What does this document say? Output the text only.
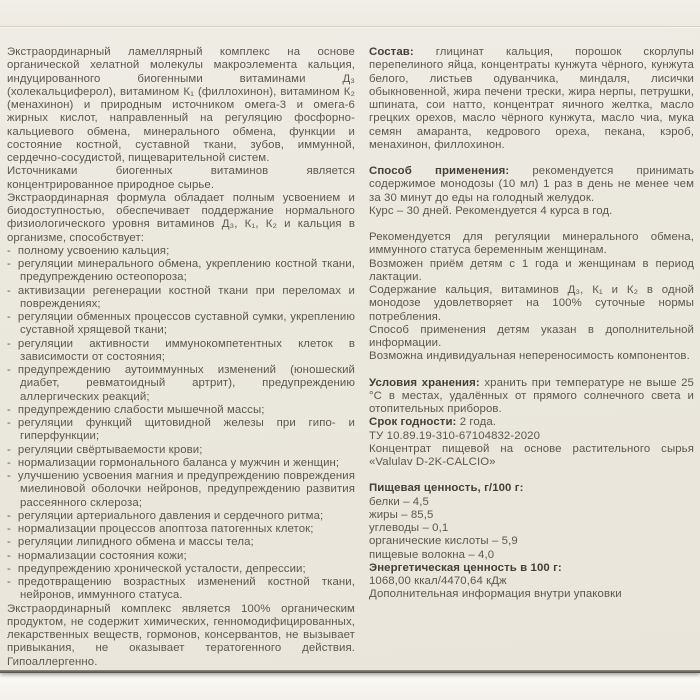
Экстраординарный ламеллярный комплекс на основе органической хелатной молекулы макроэлемента кальция, индуцированного биогенными витаминами Д₃ (холекальциферол), витамином К₁ (филлохинон), витамином К₂ (менахинон) и природным источником омега-3 и омега-6 жирных кислот, направленный на регуляцию фосфорно-кальциевого обмена, минерального обмена, функции и состояние костной, суставной ткани, зубов, иммунной, сердечно-сосудистой, пищеварительной систем.

Источниками биогенных витаминов является концентрированное природное сырье.

Экстраординарная формула обладает полным усвоением и биодоступностью, обеспечивает поддержание нормального физиологического уровня витаминов Д₃, К₁, К₂ и кальция в организме, способствует:

- полному усвоению кальция;
- регуляции минерального обмена, укреплению костной ткани, предупреждению остеопороза;
- активизации регенерации костной ткани при переломах и повреждениях;
- регуляции обменных процессов суставной сумки, укреплению суставной хрящевой ткани;
- регуляции активности иммунокомпетентных клеток в зависимости от состояния;
- предупреждению аутоиммунных изменений (юношеский диабет, ревматоидный артрит), предупреждению аллергических реакций;
- предупреждению слабости мышечной массы;
- регуляции функций щитовидной железы при гипо- и гиперфункции;
- регуляции свёртываемости крови;
- нормализации гормонального баланса у мужчин и женщин;
- улучшению усвоения магния и предупреждению повреждения миелиновой оболочки нейронов, предупреждению развития рассеянного склероза;
- регуляции артериального давления и сердечного ритма;
- нормализации процессов апоптоза патогенных клеток;
- регуляции липидного обмена и массы тела;
- нормализации состояния кожи;
- предупреждению хронической усталости, депрессии;
- предотвращению возрастных изменений костной ткани, нейронов, иммунного статуса.

Экстраординарный комплекс является 100% органическим продуктом, не содержит химических, генномодифицированных, лекарственных веществ, гормонов, консервантов, не вызывает привыкания, не оказывает тератогенного действия. Гипоаллергенно.

Состав: глицинат кальция, порошок скорлупы перепелиного яйца, концентраты кунжута чёрного, кунжута белого, листьев одуванчика, миндаля, лисички обыкновенной, жира печени трески, жира нерпы, петрушки, шпината, сои натто, концентрат яичного желтка, масло грецких орехов, масло чёрного кунжута, масло чиа, мука семян амаранта, кедрового ореха, пекана, кэроб, менахинон, филлохинон.

Способ применения: рекомендуется принимать содержимое монодозы (10 мл) 1 раз в день не менее чем за 30 минут до еды на голодный желудок.

Курс – 30 дней. Рекомендуется 4 курса в год.

Рекомендуется для регуляции минерального обмена, иммунного статуса беременным женщинам.

Возможен приём детям с 1 года и женщинам в период лактации.

Содержание кальция, витаминов Д₃, К₁ и К₂ в одной монодозе удовлетворяет на 100% суточные нормы потребления.

Способ применения детям указан в дополнительной информации.

Возможна индивидуальная непереносимость компонентов.

Условия хранения: хранить при температуре не выше 25 °С в местах, удалённых от прямого солнечного света и отопительных приборов.

Срок годности: 2 года.

ТУ 10.89.19-310-67104832-2020

Концентрат пищевой на основе растительного сырья «Valulav D-2K-CALCIO»

Пищевая ценность, г/100 г:

белки – 4,5

жиры – 85,5

углеводы – 0,1

органические кислоты – 5,9

пищевые волокна – 4,0

Энергетическая ценность в 100 г:

1068,00 ккал/4470,64 кДж

Дополнительная информация внутри упаковки
